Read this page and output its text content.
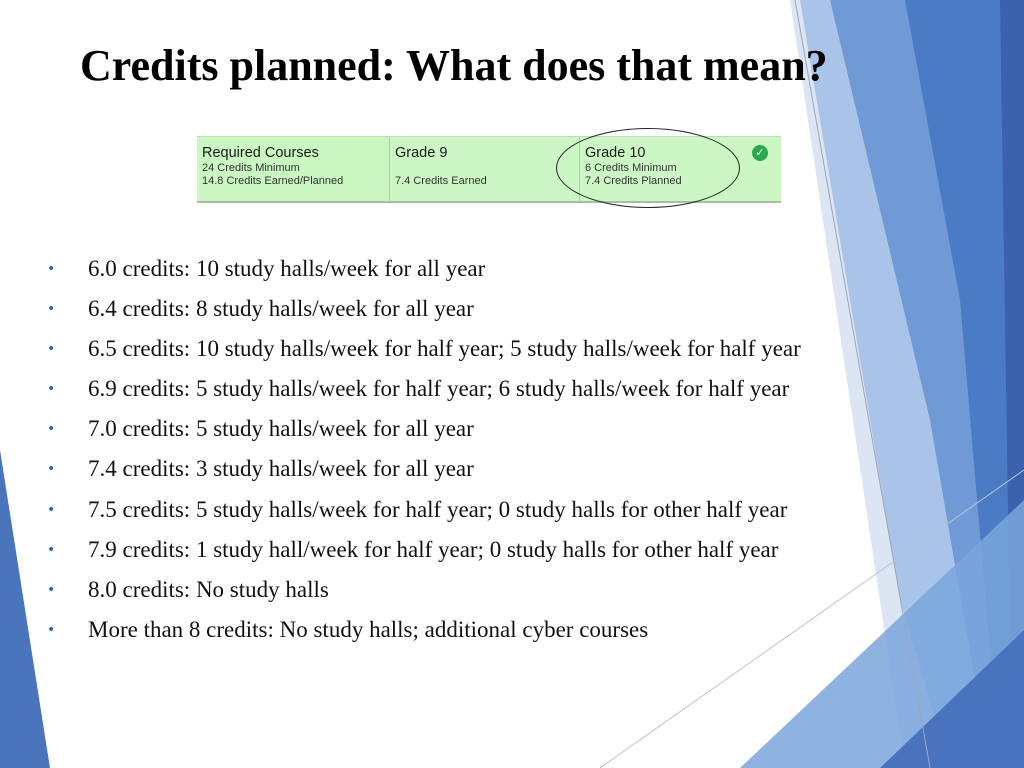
Credits planned: What does that mean?
Required Courses
24 Credits Minimum
14.8 Credits Earned/Planned
Grade 9
7.4 Credits Earned
Grade 10
6 Credits Minimum
7.4 Credits Planned
✓
• 6.0 credits: 10 study halls/week for all year
• 6.4 credits: 8 study halls/week for all year
• 6.5 credits: 10 study halls/week for half year; 5 study halls/week for half year
• 6.9 credits: 5 study halls/week for half year; 6 study halls/week for half year
• 7.0 credits: 5 study halls/week for all year
• 7.4 credits: 3 study halls/week for all year
• 7.5 credits: 5 study halls/week for half year; 0 study halls for other half year
• 7.9 credits: 1 study hall/week for half year; 0 study halls for other half year
• 8.0 credits: No study halls
• More than 8 credits: No study halls; additional cyber courses
